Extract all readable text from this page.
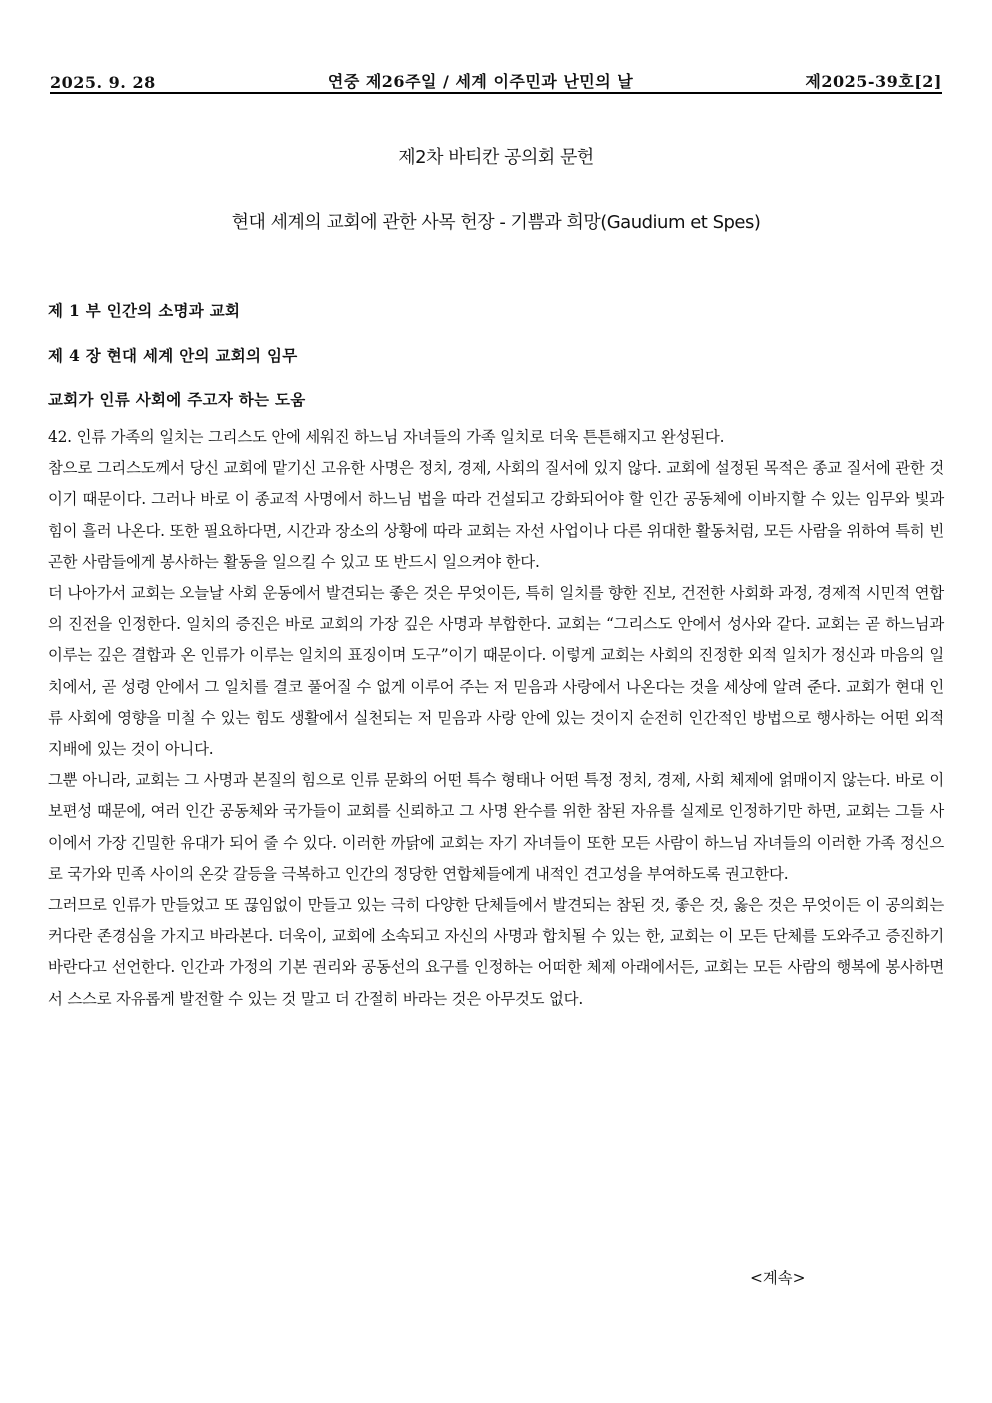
2025. 9. 28	연중 제26주일 / 세계 이주민과 난민의 날	제2025-39호[2]
제2차 바티칸 공의회 문헌
현대 세계의 교회에 관한 사목 헌장 - 기쁨과 희망(Gaudium et Spes)
제 1 부 인간의 소명과 교회
제 4 장 현대 세계 안의 교회의 임무
교회가 인류 사회에 주고자 하는 도움

42. 인류 가족의 일치는 그리스도 안에 세워진 하느님 자녀들의 가족 일치로 더욱 튼튼해지고 완성된다.

참으로 그리스도께서 당신 교회에 맡기신 고유한 사명은 정치, 경제, 사회의 질서에 있지 않다. 교회에 설정된 목적은 종교 질서에 관한 것이기 때문이다. 그러나 바로 이 종교적 사명에서 하느님 법을 따라 건설되고 강화되어야 할 인간 공동체에 이바지할 수 있는 임무와 빛과 힘이 흘러 나온다. 또한 필요하다면, 시간과 장소의 상황에 따라 교회는 자선 사업이나 다른 위대한 활동처럼, 모든 사람을 위하여 특히 빈곤한 사람들에게 봉사하는 활동을 일으킬 수 있고 또 반드시 일으켜야 한다.

더 나아가서 교회는 오늘날 사회 운동에서 발견되는 좋은 것은 무엇이든, 특히 일치를 향한 진보, 건전한 사회화 과정, 경제적 시민적 연합의 진전을 인정한다. 일치의 증진은 바로 교회의 가장 깊은 사명과 부합한다. 교회는 “그리스도 안에서 성사와 같다. 교회는 곧 하느님과 이루는 깊은 결합과 온 인류가 이루는 일치의 표징이며 도구”이기 때문이다. 이렇게 교회는 사회의 진정한 외적 일치가 정신과 마음의 일치에서, 곧 성령 안에서 그 일치를 결코 풀어질 수 없게 이루어 주는 저 믿음과 사랑에서 나온다는 것을 세상에 알려 준다. 교회가 현대 인류 사회에 영향을 미칠 수 있는 힘도 생활에서 실천되는 저 믿음과 사랑 안에 있는 것이지 순전히 인간적인 방법으로 행사하는 어떤 외적 지배에 있는 것이 아니다.

그뿐 아니라, 교회는 그 사명과 본질의 힘으로 인류 문화의 어떤 특수 형태나 어떤 특정 정치, 경제, 사회 체제에 얽매이지 않는다. 바로 이 보편성 때문에, 여러 인간 공동체와 국가들이 교회를 신뢰하고 그 사명 완수를 위한 참된 자유를 실제로 인정하기만 하면, 교회는 그들 사이에서 가장 긴밀한 유대가 되어 줄 수 있다. 이러한 까닭에 교회는 자기 자녀들이 또한 모든 사람이 하느님 자녀들의 이러한 가족 정신으로 국가와 민족 사이의 온갖 갈등을 극복하고 인간의 정당한 연합체들에게 내적인 견고성을 부여하도록 권고한다.

그러므로 인류가 만들었고 또 끊임없이 만들고 있는 극히 다양한 단체들에서 발견되는 참된 것, 좋은 것, 옳은 것은 무엇이든 이 공의회는 커다란 존경심을 가지고 바라본다. 더욱이, 교회에 소속되고 자신의 사명과 합치될 수 있는 한, 교회는 이 모든 단체를 도와주고 증진하기 바란다고 선언한다. 인간과 가정의 기본 권리와 공동선의 요구를 인정하는 어떠한 체제 아래에서든, 교회는 모든 사람의 행복에 봉사하면서 스스로 자유롭게 발전할 수 있는 것 말고 더 간절히 바라는 것은 아무것도 없다.

<계속>
